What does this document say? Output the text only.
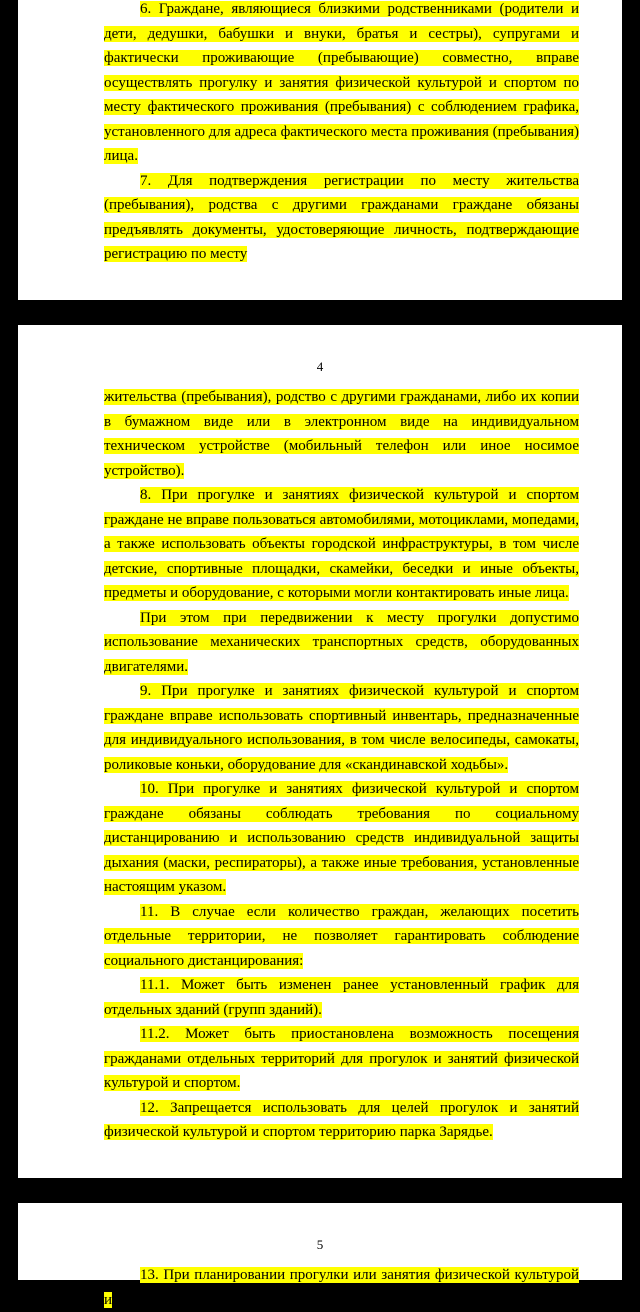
6. Граждане, являющиеся близкими родственниками (родители и дети, дедушки, бабушки и внуки, братья и сестры), супругами и фактически проживающие (пребывающие) совместно, вправе осуществлять прогулку и занятия физической культурой и спортом по месту фактического проживания (пребывания) с соблюдением графика, установленного для адреса фактического места проживания (пребывания) лица.

7. Для подтверждения регистрации по месту жительства (пребывания), родства с другими гражданами граждане обязаны предъявлять документы, удостоверяющие личность, подтверждающие регистрацию по месту

4

жительства (пребывания), родство с другими гражданами, либо их копии в бумажном виде или в электронном виде на индивидуальном техническом устройстве (мобильный телефон или иное носимое устройство).

8. При прогулке и занятиях физической культурой и спортом граждане не вправе пользоваться автомобилями, мотоциклами, мопедами, а также использовать объекты городской инфраструктуры, в том числе детские, спортивные площадки, скамейки, беседки и иные объекты, предметы и оборудование, с которыми могли контактировать иные лица.

При этом при передвижении к месту прогулки допустимо использование механических транспортных средств, оборудованных двигателями.

9. При прогулке и занятиях физической культурой и спортом граждане вправе использовать спортивный инвентарь, предназначенные для индивидуального использования, в том числе велосипеды, самокаты, роликовые коньки, оборудование для «скандинавской ходьбы».

10. При прогулке и занятиях физической культурой и спортом граждане обязаны соблюдать требования по социальному дистанцированию и использованию средств индивидуальной защиты дыхания (маски, респираторы), а также иные требования, установленные настоящим указом.

11. В случае если количество граждан, желающих посетить отдельные территории, не позволяет гарантировать соблюдение социального дистанцирования:

11.1. Может быть изменен ранее установленный график для отдельных зданий (групп зданий).

11.2. Может быть приостановлена возможность посещения гражданами отдельных территорий для прогулок и занятий физической культурой и спортом.

12. Запрещается использовать для целей прогулок и занятий физической культурой и спортом территорию парка Зарядье.

5

13. При планировании прогулки или занятия физической культурой и
